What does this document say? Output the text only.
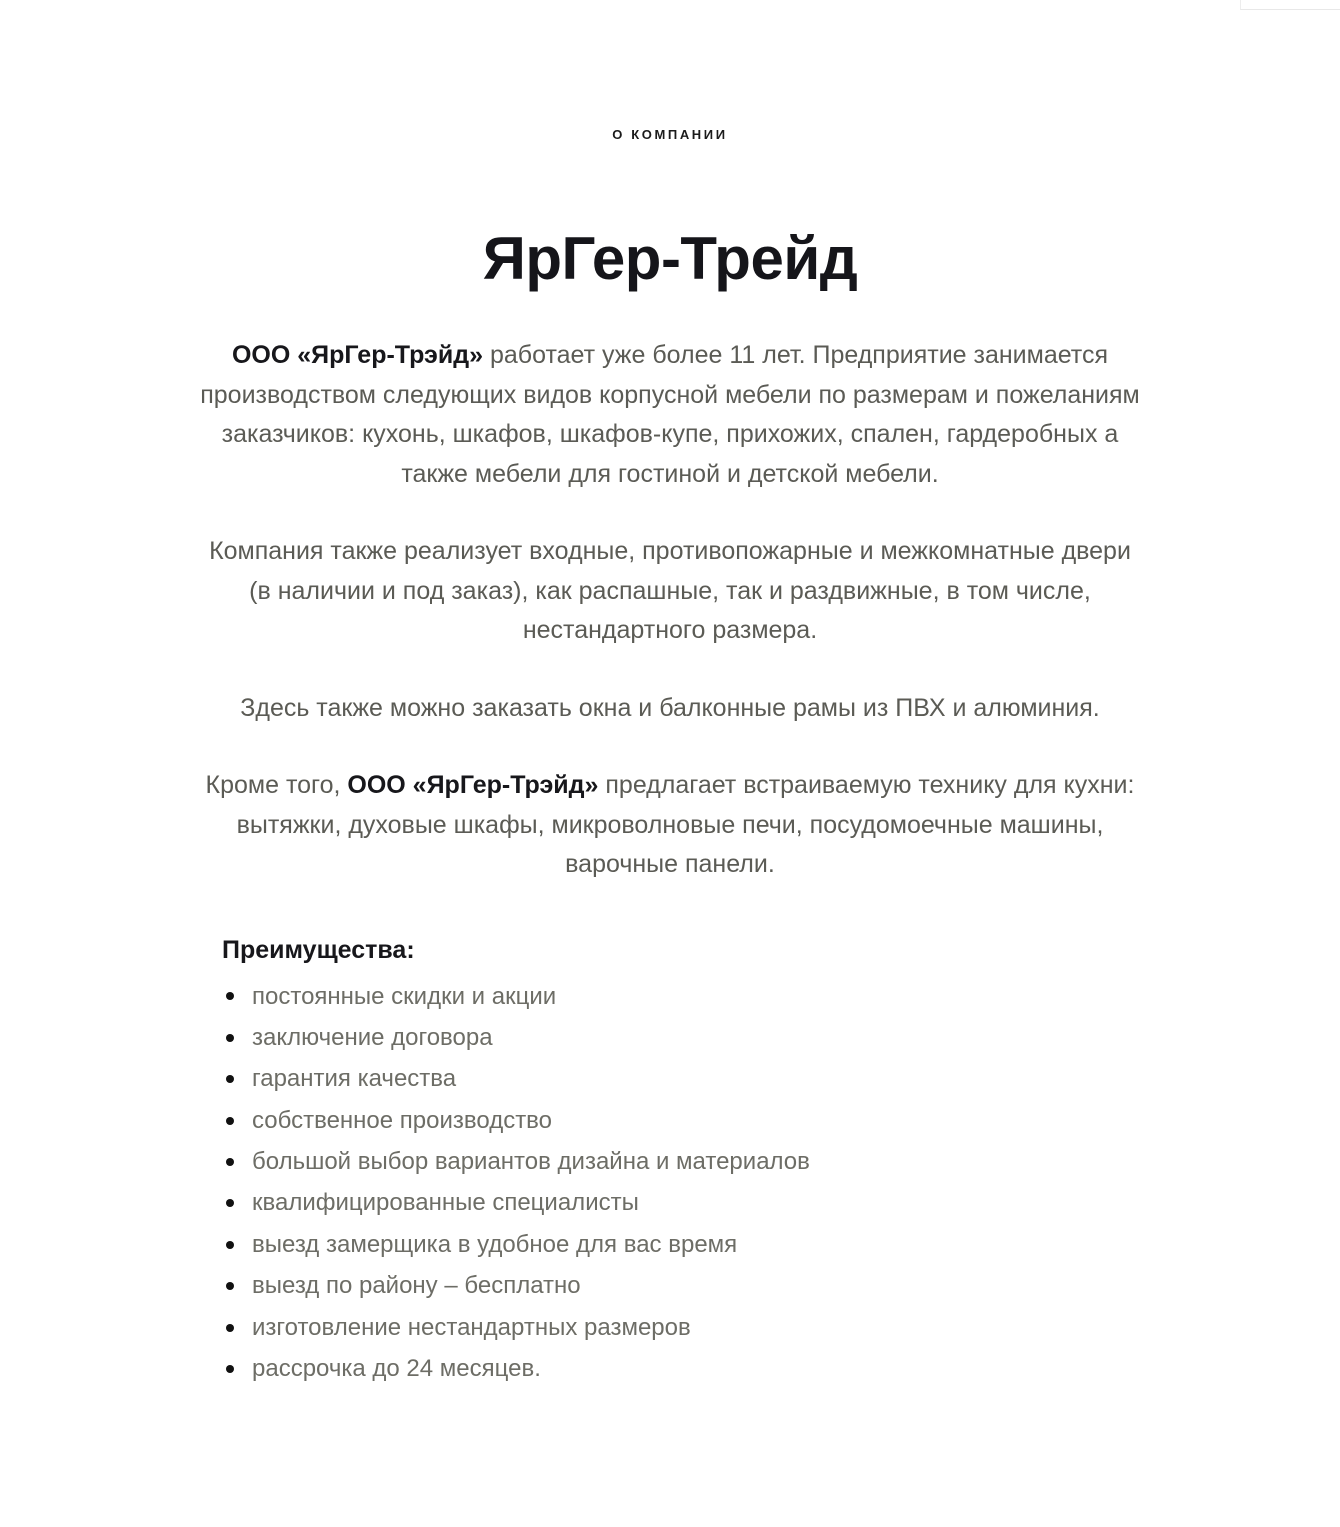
О КОМПАНИИ
ЯрГер-Трейд

ООО «ЯрГер-Трэйд» работает уже более 11 лет. Предприятие занимается производством следующих видов корпусной мебели по размерам и пожеланиям заказчиков: кухонь, шкафов, шкафов-купе, прихожих, спален, гардеробных а также мебели для гостиной и детской мебели.

Компания также реализует входные, противопожарные и межкомнатные двери (в наличии и под заказ), как распашные, так и раздвижные, в том числе, нестандартного размера.

Здесь также можно заказать окна и балконные рамы из ПВХ и алюминия.

Кроме того, ООО «ЯрГер-Трэйд» предлагает встраиваемую технику для кухни: вытяжки, духовые шкафы, микроволновые печи, посудомоечные машины, варочные панели.

Преимущества:
постоянные скидки и акции
заключение договора
гарантия качества
собственное производство
большой выбор вариантов дизайна и материалов
квалифицированные специалисты
выезд замерщика в удобное для вас время
выезд по району – бесплатно
изготовление нестандартных размеров
рассрочка до 24 месяцев.
